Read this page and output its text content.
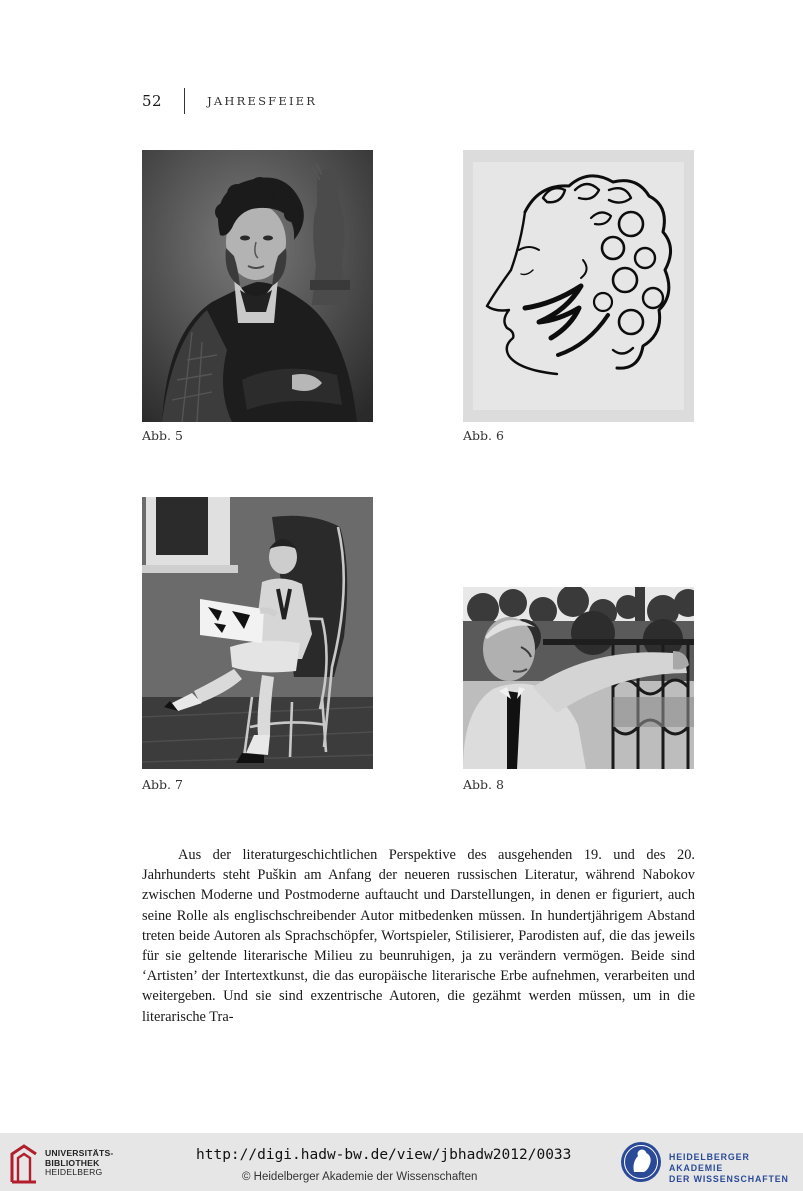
52	JAHRESFEIER
Abb. 5	Abb. 6
Abb. 7	Abb. 8

Aus der literaturgeschichtlichen Perspektive des ausgehenden 19. und des 20. Jahrhunderts steht Puškin am Anfang der neueren russischen Literatur, während Nabokov zwischen Moderne und Postmoderne auftaucht und Darstellungen, in denen er figuriert, auch seine Rolle als englischschreibender Autor mitbedenken müssen. In hundertjährigem Abstand treten beide Autoren als Sprachschöpfer, Wortspieler, Stilisierer, Parodisten auf, die das jeweils für sie geltende literarische Milieu zu beunruhigen, ja zu verändern vermögen. Beide sind ‘Artisten’ der Intertextkunst, die das europäische literarische Erbe aufnehmen, verarbeiten und weitergeben. Und sie sind exzentrische Autoren, die gezähmt werden müssen, um in die literarische Tra-

UNIVERSITÄTS-
BIBLIOTHEK
HEIDELBERG
http://digi.hadw-bw.de/view/jbhadw2012/0033
© Heidelberger Akademie der Wissenschaften
HEIDELBERGER AKADEMIE
DER WISSENSCHAFTEN
